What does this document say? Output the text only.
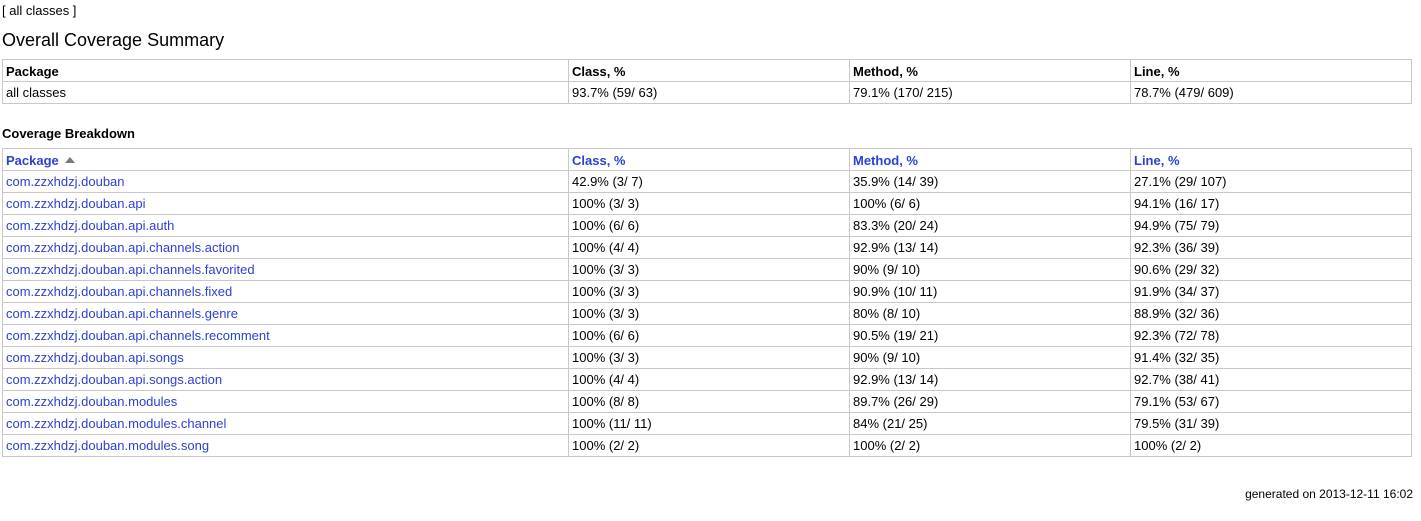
[ all classes ]
Overall Coverage Summary
Package	Class, %	Method, %	Line, %
all classes	93.7% (59/ 63)	79.1% (170/ 215)	78.7% (479/ 609)
Coverage Breakdown
Package	Class, %	Method, %	Line, %
com.zzxhdzj.douban	42.9% (3/ 7)	35.9% (14/ 39)	27.1% (29/ 107)
com.zzxhdzj.douban.api	100% (3/ 3)	100% (6/ 6)	94.1% (16/ 17)
com.zzxhdzj.douban.api.auth	100% (6/ 6)	83.3% (20/ 24)	94.9% (75/ 79)
com.zzxhdzj.douban.api.channels.action	100% (4/ 4)	92.9% (13/ 14)	92.3% (36/ 39)
com.zzxhdzj.douban.api.channels.favorited	100% (3/ 3)	90% (9/ 10)	90.6% (29/ 32)
com.zzxhdzj.douban.api.channels.fixed	100% (3/ 3)	90.9% (10/ 11)	91.9% (34/ 37)
com.zzxhdzj.douban.api.channels.genre	100% (3/ 3)	80% (8/ 10)	88.9% (32/ 36)
com.zzxhdzj.douban.api.channels.recomment	100% (6/ 6)	90.5% (19/ 21)	92.3% (72/ 78)
com.zzxhdzj.douban.api.songs	100% (3/ 3)	90% (9/ 10)	91.4% (32/ 35)
com.zzxhdzj.douban.api.songs.action	100% (4/ 4)	92.9% (13/ 14)	92.7% (38/ 41)
com.zzxhdzj.douban.modules	100% (8/ 8)	89.7% (26/ 29)	79.1% (53/ 67)
com.zzxhdzj.douban.modules.channel	100% (11/ 11)	84% (21/ 25)	79.5% (31/ 39)
com.zzxhdzj.douban.modules.song	100% (2/ 2)	100% (2/ 2)	100% (2/ 2)
generated on 2013-12-11 16:02
